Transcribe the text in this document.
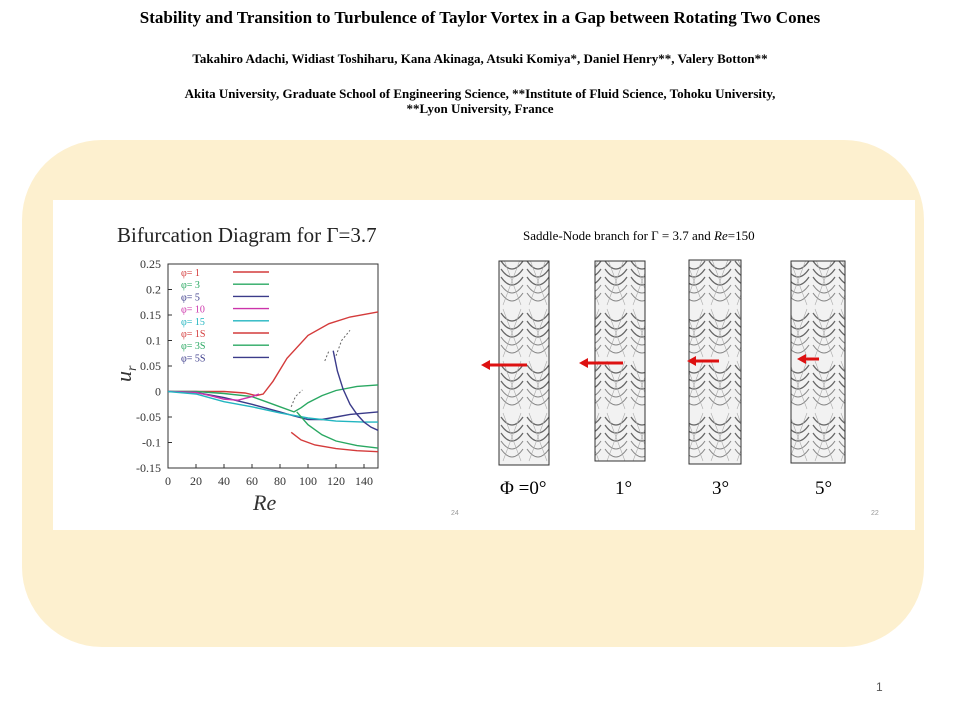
Stability and Transition to Turbulence of Taylor Vortex in a Gap between Rotating Two Cones
Takahiro Adachi, Widiast Toshiharu, Kana Akinaga, Atsuki Komiya*, Daniel Henry**, Valery Botton**
Akita University, Graduate School of Engineering Science, **Institute of Fluid Science, Tohoku University,
**Lyon University, France
Bifurcation Diagram for Γ=3.7
0 20 40 60 80 100 120 140
0.25
0.2
0.15
0.1
0.05
0
-0.05
-0.1
-0.15
φ= 1
φ= 3
φ= 5
φ= 10
φ= 15
φ= 1S
φ= 3S
φ= 5S
Re
$u_r$
Saddle-Node branch for Γ = 3.7 and Re=150
Φ =0°	1°	3°	5°
24	22
1
